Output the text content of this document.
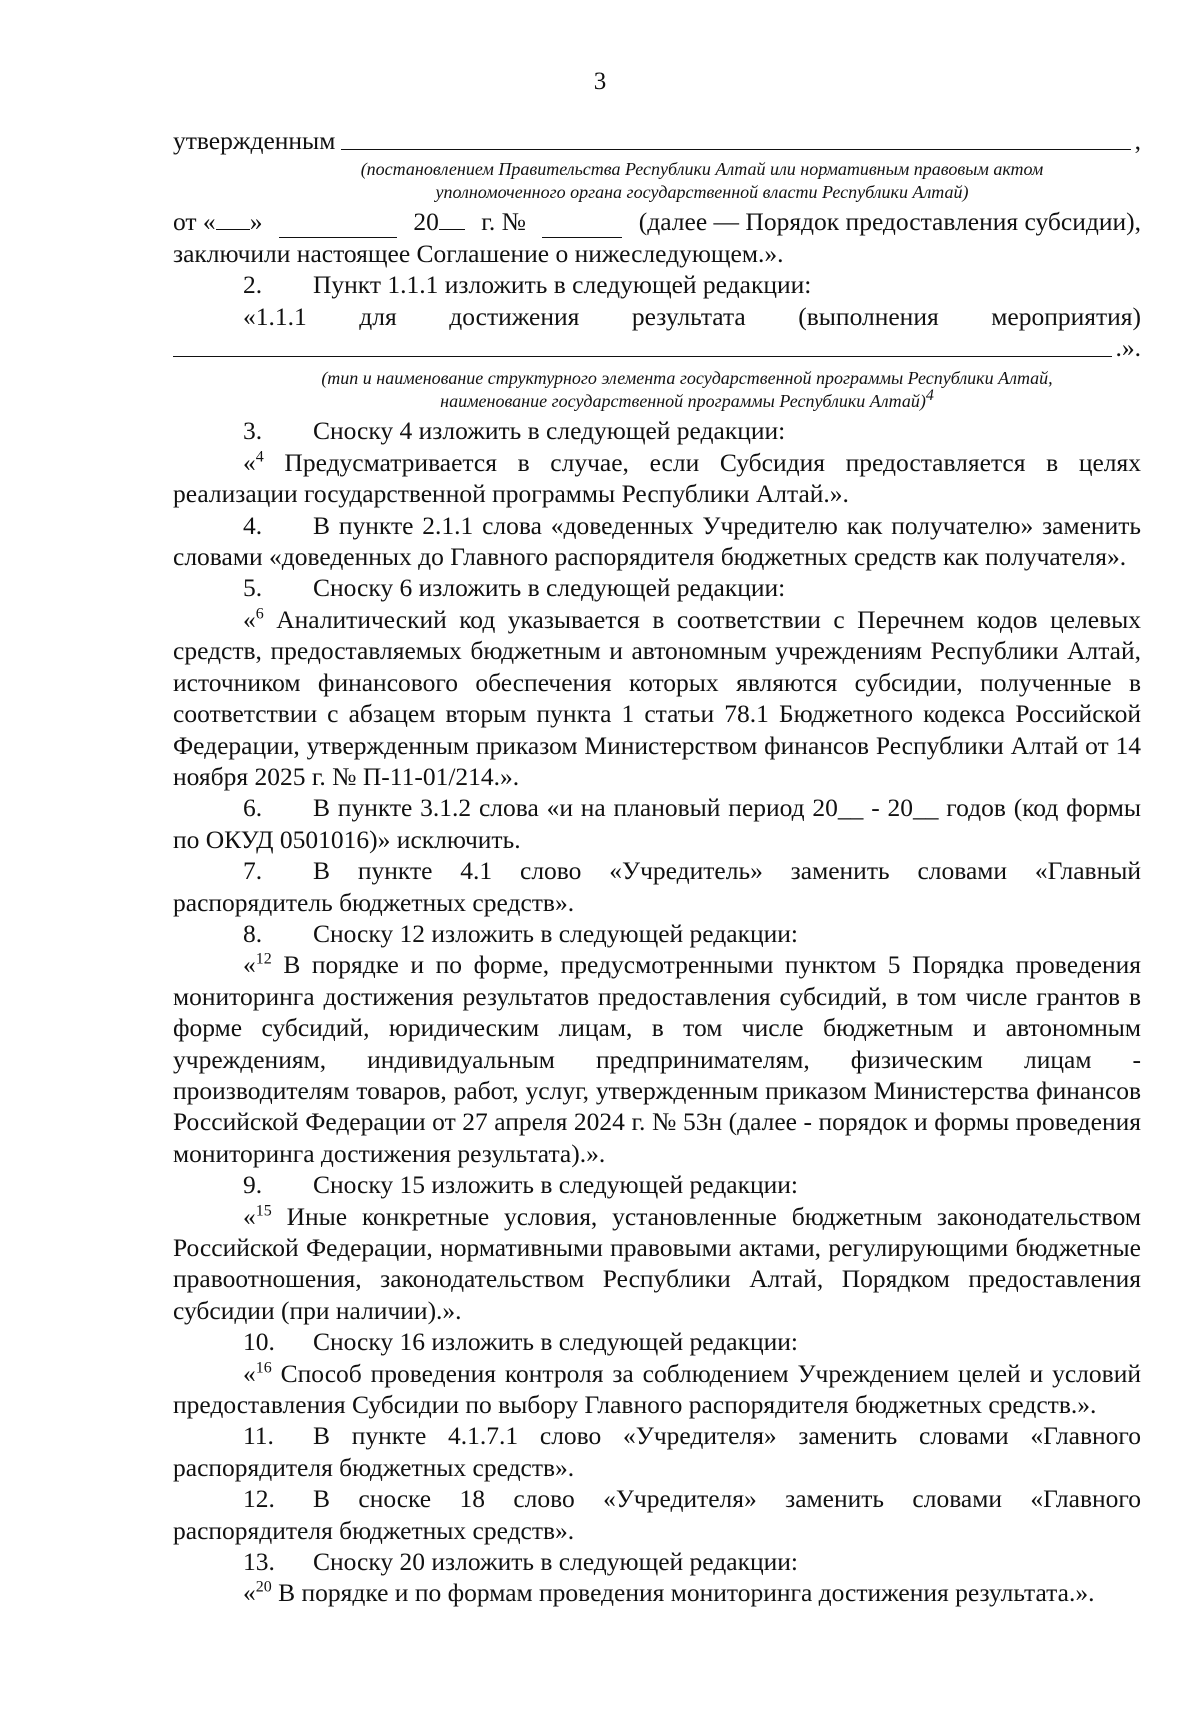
3
утвержденным	,

(постановлением Правительства Республики Алтай или нормативным правовым актом

уполномоченного органа государственной власти Республики Алтай)

от « »	20	г. №	(далее — Порядок предоставления субсидии),

заключили настоящее Соглашение о нижеследующем.».

2. Пункт 1.1.1 изложить в следующей редакции:

«1.1.1 для достижения результата (выполнения мероприятия)

.».

(тип и наименование структурного элемента государственной программы Республики Алтай,

наименование государственной программы Республики Алтай)$^4$

3. Сноску 4 изложить в следующей редакции:

«$^4$ Предусматривается в случае, если Субсидия предоставляется в целях реализации государственной программы Республики Алтай.».

4. В пункте 2.1.1 слова «доведенных Учредителю как получателю» заменить словами «доведенных до Главного распорядителя бюджетных средств как получателя».

5. Сноску 6 изложить в следующей редакции:

«$^6$ Аналитический код указывается в соответствии с Перечнем кодов целевых средств, предоставляемых бюджетным и автономным учреждениям Республики Алтай, источником финансового обеспечения которых являются субсидии, полученные в соответствии с абзацем вторым пункта 1 статьи 78.1 Бюджетного кодекса Российской Федерации, утвержденным приказом Министерством финансов Республики Алтай от 14 ноября 2025 г. № П-11-01/214.».

6. В пункте 3.1.2 слова «и на плановый период 20__ - 20__ годов (код формы по ОКУД 0501016)» исключить.

7. В пункте 4.1 слово «Учредитель» заменить словами «Главный распорядитель бюджетных средств».

8. Сноску 12 изложить в следующей редакции:

«$^{12}$ В порядке и по форме, предусмотренными пунктом 5 Порядка проведения мониторинга достижения результатов предоставления субсидий, в том числе грантов в форме субсидий, юридическим лицам, в том числе бюджетным и автономным учреждениям, индивидуальным предпринимателям, физическим лицам - производителям товаров, работ, услуг, утвержденным приказом Министерства финансов Российской Федерации от 27 апреля 2024 г. № 53н (далее - порядок и формы проведения мониторинга достижения результата).».

9. Сноску 15 изложить в следующей редакции:

«$^{15}$ Иные конкретные условия, установленные бюджетным законодательством Российской Федерации, нормативными правовыми актами, регулирующими бюджетные правоотношения, законодательством Республики Алтай, Порядком предоставления субсидии (при наличии).».

10. Сноску 16 изложить в следующей редакции:

«$^{16}$ Способ проведения контроля за соблюдением Учреждением целей и условий предоставления Субсидии по выбору Главного распорядителя бюджетных средств.».

11. В пункте 4.1.7.1 слово «Учредителя» заменить словами «Главного распорядителя бюджетных средств».

12. В сноске 18 слово «Учредителя» заменить словами «Главного распорядителя бюджетных средств».

13. Сноску 20 изложить в следующей редакции:

«$^{20}$ В порядке и по формам проведения мониторинга достижения результата.».
